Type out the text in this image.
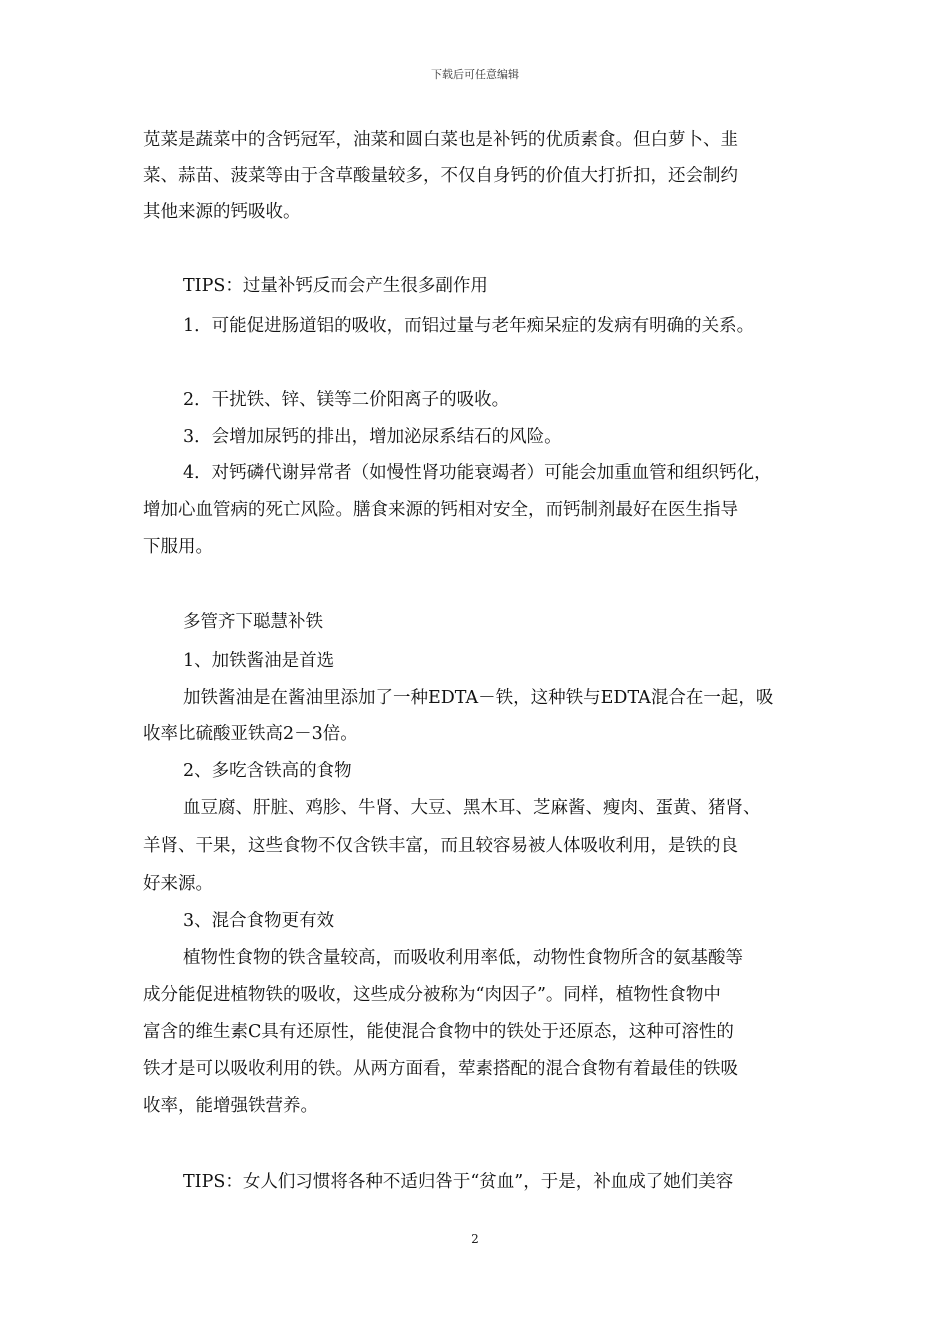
下载后可任意编辑
苋菜是蔬菜中的含钙冠军，油菜和圆白菜也是补钙的优质素食。但白萝卜、韭
菜、蒜苗、菠菜等由于含草酸量较多，不仅自身钙的价值大打折扣，还会制约
其他来源的钙吸收。
TIPS：过量补钙反而会产生很多副作用
1．可能促进肠道铝的吸收，而铝过量与老年痴呆症的发病有明确的关系。
2．干扰铁、锌、镁等二价阳离子的吸收。
3．会增加尿钙的排出，增加泌尿系结石的风险。
4．对钙磷代谢异常者（如慢性肾功能衰竭者）可能会加重血管和组织钙化，
增加心血管病的死亡风险。膳食来源的钙相对安全，而钙制剂最好在医生指导
下服用。
多管齐下聪慧补铁
1、加铁酱油是首选
加铁酱油是在酱油里添加了一种EDTA－铁，这种铁与EDTA混合在一起，吸
收率比硫酸亚铁高2－3倍。
2、多吃含铁高的食物
血豆腐、肝脏、鸡胗、牛肾、大豆、黑木耳、芝麻酱、瘦肉、蛋黄、猪肾、
羊肾、干果，这些食物不仅含铁丰富，而且较容易被人体吸收利用，是铁的良
好来源。
3、混合食物更有效
植物性食物的铁含量较高，而吸收利用率低，动物性食物所含的氨基酸等
成分能促进植物铁的吸收，这些成分被称为“肉因子”。同样，植物性食物中
富含的维生素C具有还原性，能使混合食物中的铁处于还原态，这种可溶性的
铁才是可以吸收利用的铁。从两方面看，荤素搭配的混合食物有着最佳的铁吸
收率，能增强铁营养。
TIPS：女人们习惯将各种不适归咎于“贫血”，于是，补血成了她们美容
2
